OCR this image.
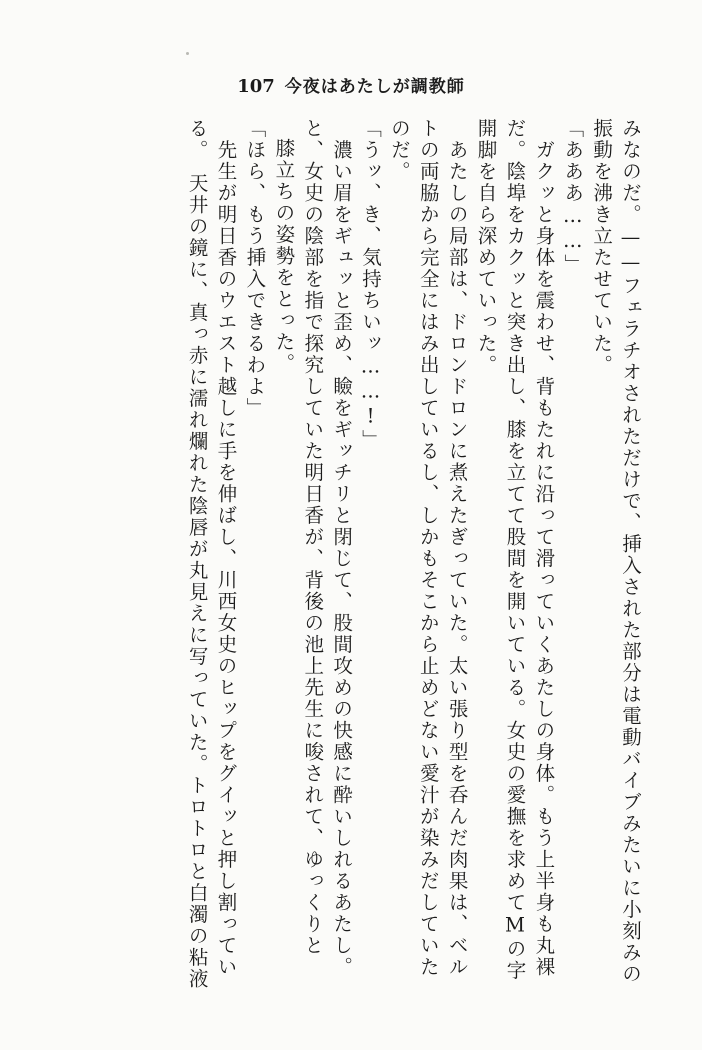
107 今夜はあたしが調教師
みなのだ。——フェラチオされただけで、挿入された部分は電動バイブみたいに小刻みの
振動を沸き立たせていた。
「あああ……」
　ガクッと身体を震わせ、背もたれに沿って滑っていくあたしの身体。もう上半身も丸裸
だ。陰埠をカクッと突き出し、膝を立てて股間を開いている。女史の愛撫を求めてMの字
開脚を自ら深めていった。
　あたしの局部は、ドロンドロンに煮えたぎっていた。太い張り型を呑んだ肉果は、ベル
トの両脇から完全にはみ出しているし、しかもそこから止めどない愛汁が染みだしていた
のだ。
「うッ、き、気持ちいッ……!」
　濃い眉をギュッと歪め、瞼をギッチリと閉じて、股間攻めの快感に酔いしれるあたし。
と、女史の陰部を指で探究していた明日香が、背後の池上先生に唆されて、ゆっくりと
膝立ちの姿勢をとった。
「ほら、もう挿入できるわよ」
　先生が明日香のウエスト越しに手を伸ばし、川西女史のヒップをグイッと押し割ってい
る。　天井の鏡に、真っ赤に濡れ爛れた陰唇が丸見えに写っていた。トロトロと白濁の粘液
